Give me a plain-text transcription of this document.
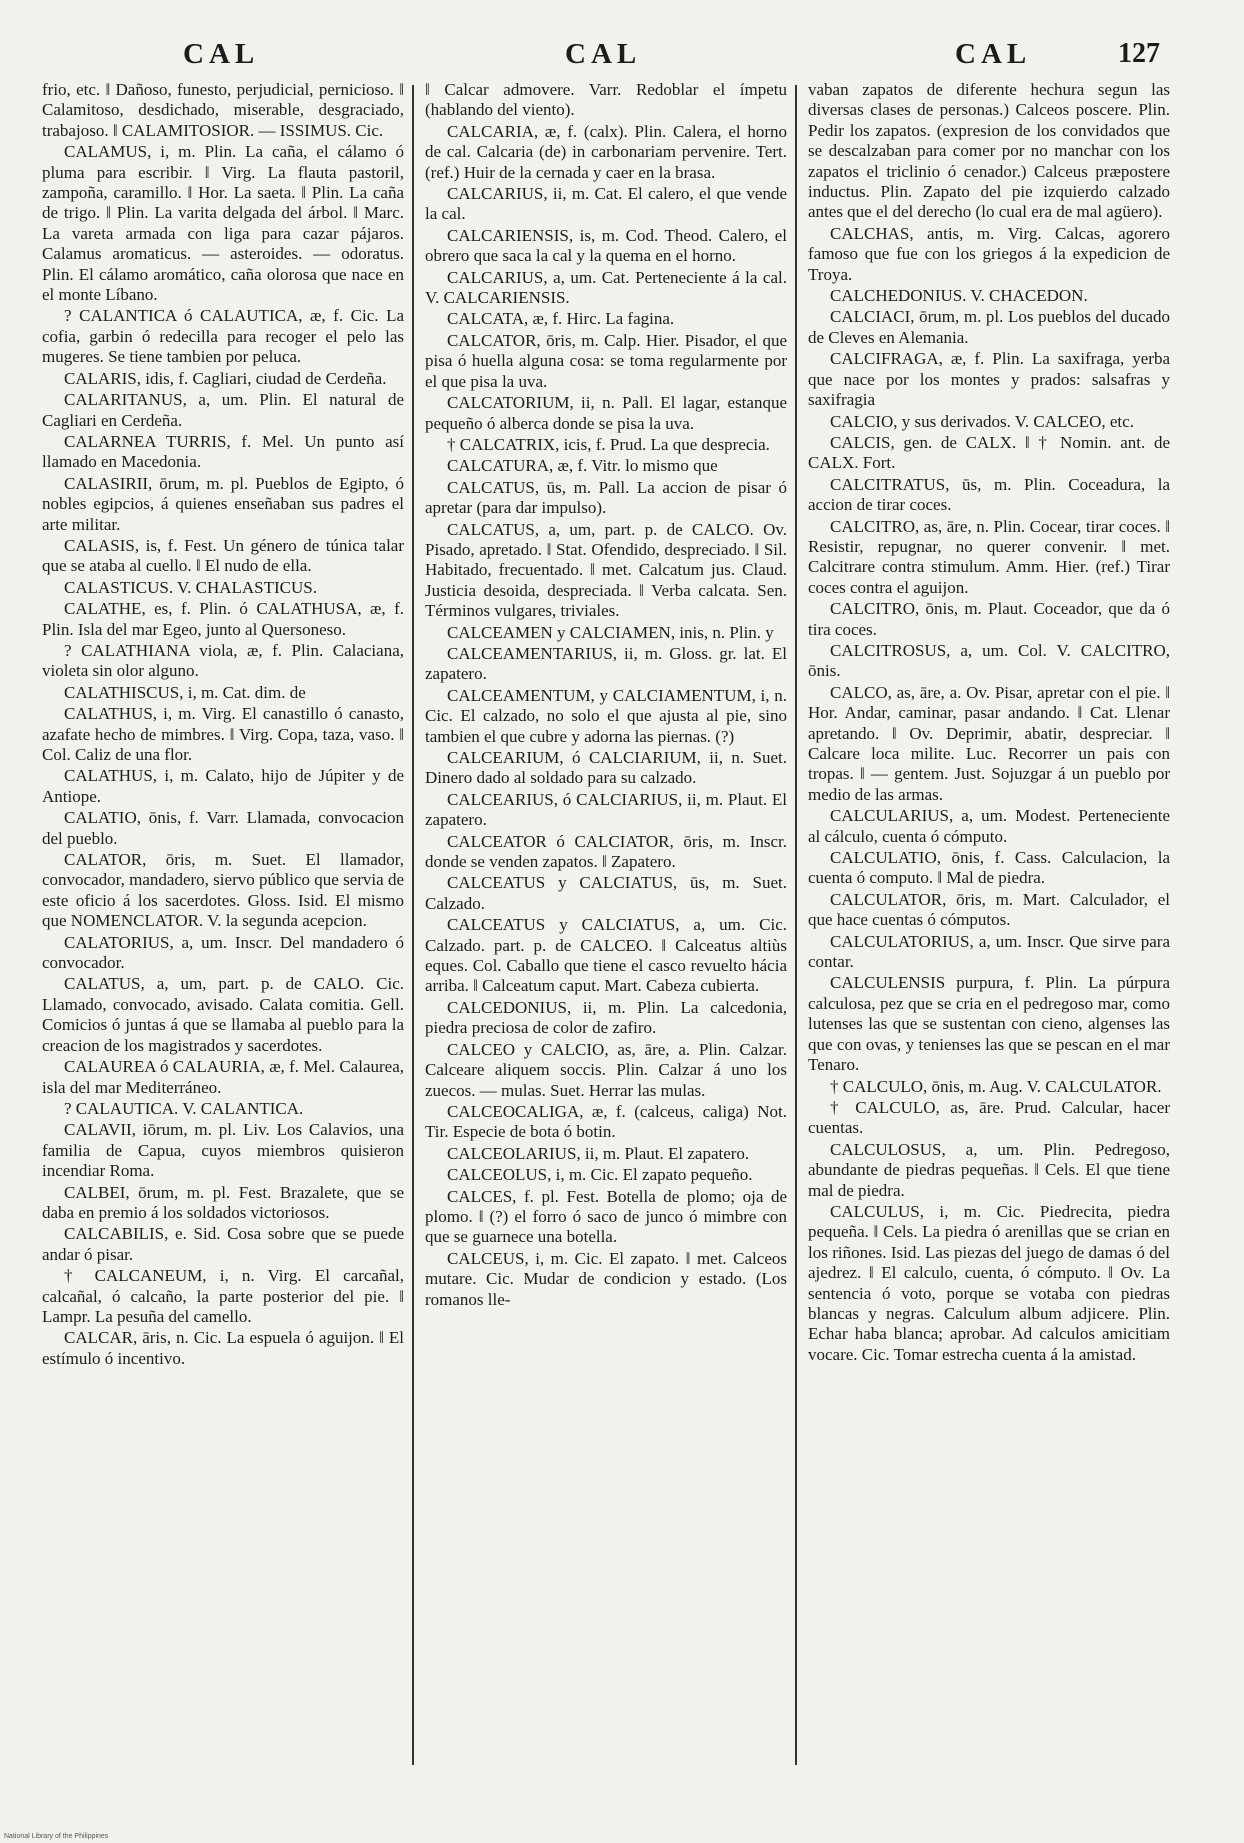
CAL	CAL	CAL	127

frio, etc. ‖ Dañoso, funesto, perjudicial, pernicioso. ‖ Calamitoso, desdichado, miserable, desgraciado, trabajoso. ‖ CALAMITOSIOR. — ISSIMUS. Cic.

CALAMUS, i, m. Plin. La caña, el cálamo ó pluma para escribir. ‖ Virg. La flauta pastoril, zampoña, caramillo. ‖ Hor. La saeta. ‖ Plin. La caña de trigo. ‖ Plin. La varita delgada del árbol. ‖ Marc. La vareta armada con liga para cazar pájaros. Calamus aromaticus. — asteroides. — odoratus. Plin. El cálamo aromático, caña olorosa que nace en el monte Líbano.

? CALANTICA ó CALAUTICA, æ, f. Cic. La cofia, garbin ó redecilla para recoger el pelo las mugeres. Se tiene tambien por peluca.

CALARIS, idis, f. Cagliari, ciudad de Cerdeña.

CALARITANUS, a, um. Plin. El natural de Cagliari en Cerdeña.

CALARNEA TURRIS, f. Mel. Un punto así llamado en Macedonia.

CALASIRII, ōrum, m. pl. Pueblos de Egipto, ó nobles egipcios, á quienes enseñaban sus padres el arte militar.

CALASIS, is, f. Fest. Un género de túnica talar que se ataba al cuello. ‖ El nudo de ella.

CALASTICUS. V. CHALASTICUS.

CALATHE, es, f. Plin. ó CALATHUSA, æ, f. Plin. Isla del mar Egeo, junto al Quersoneso.

? CALATHIANA viola, æ, f. Plin. Calaciana, violeta sin olor alguno.

CALATHISCUS, i, m. Cat. dim. de

CALATHUS, i, m. Virg. El canastillo ó canasto, azafate hecho de mimbres. ‖ Virg. Copa, taza, vaso. ‖ Col. Caliz de una flor.

CALATHUS, i, m. Calato, hijo de Júpiter y de Antiope.

CALATIO, ōnis, f. Varr. Llamada, convocacion del pueblo.

CALATOR, ōris, m. Suet. El llamador, convocador, mandadero, siervo público que servia de este oficio á los sacerdotes. Gloss. Isid. El mismo que NOMENCLATOR. V. la segunda acepcion.

CALATORIUS, a, um. Inscr. Del mandadero ó convocador.

CALATUS, a, um, part. p. de CALO. Cic. Llamado, convocado, avisado. Calata comitia. Gell. Comicios ó juntas á que se llamaba al pueblo para la creacion de los magistrados y sacerdotes.

CALAUREA ó CALAURIA, æ, f. Mel. Calaurea, isla del mar Mediterráneo.

? CALAUTICA. V. CALANTICA.

CALAVII, iōrum, m. pl. Liv. Los Calavios, una familia de Capua, cuyos miembros quisieron incendiar Roma.

CALBEI, ōrum, m. pl. Fest. Brazalete, que se daba en premio á los soldados victoriosos.

CALCABILIS, e. Sid. Cosa sobre que se puede andar ó pisar.

† CALCANEUM, i, n. Virg. El carcañal, calcañal, ó calcaño, la parte posterior del pie. ‖ Lampr. La pesuña del camello.

CALCAR, āris, n. Cic. La espuela ó aguijon. ‖ El estímulo ó incentivo.

‖ Calcar admovere. Varr. Redoblar el ímpetu (hablando del viento).

CALCARIA, æ, f. (calx). Plin. Calera, el horno de cal. Calcaria (de) in carbonariam pervenire. Tert. (ref.) Huir de la cernada y caer en la brasa.

CALCARIUS, ii, m. Cat. El calero, el que vende la cal.

CALCARIENSIS, is, m. Cod. Theod. Calero, el obrero que saca la cal y la quema en el horno.

CALCARIUS, a, um. Cat. Perteneciente á la cal. V. CALCARIENSIS.

CALCATA, æ, f. Hirc. La fagina.

CALCATOR, ōris, m. Calp. Hier. Pisador, el que pisa ó huella alguna cosa: se toma regularmente por el que pisa la uva.

CALCATORIUM, ii, n. Pall. El lagar, estanque pequeño ó alberca donde se pisa la uva.

† CALCATRIX, icis, f. Prud. La que desprecia.

CALCATURA, æ, f. Vitr. lo mismo que

CALCATUS, ūs, m. Pall. La accion de pisar ó apretar (para dar impulso).

CALCATUS, a, um, part. p. de CALCO. Ov. Pisado, apretado. ‖ Stat. Ofendido, despreciado. ‖ Sil. Habitado, frecuentado. ‖ met. Calcatum jus. Claud. Justicia desoida, despreciada. ‖ Verba calcata. Sen. Términos vulgares, triviales.

CALCEAMEN y CALCIAMEN, inis, n. Plin. y

CALCEAMENTARIUS, ii, m. Gloss. gr. lat. El zapatero.

CALCEAMENTUM, y CALCIAMENTUM, i, n. Cic. El calzado, no solo el que ajusta al pie, sino tambien el que cubre y adorna las piernas. (?)

CALCEARIUM, ó CALCIARIUM, ii, n. Suet. Dinero dado al soldado para su calzado.

CALCEARIUS, ó CALCIARIUS, ii, m. Plaut. El zapatero.

CALCEATOR ó CALCIATOR, ōris, m. Inscr. donde se venden zapatos. ‖ Zapatero.

CALCEATUS y CALCIATUS, ūs, m. Suet. Calzado.

CALCEATUS y CALCIATUS, a, um. Cic. Calzado. part. p. de CALCEO. ‖ Calceatus altiùs eques. Col. Caballo que tiene el casco revuelto hácia arriba. ‖ Calceatum caput. Mart. Cabeza cubierta.

CALCEDONIUS, ii, m. Plin. La calcedonia, piedra preciosa de color de zafiro.

CALCEO y CALCIO, as, āre, a. Plin. Calzar. Calceare aliquem soccis. Plin. Calzar á uno los zuecos. — mulas. Suet. Herrar las mulas.

CALCEOCALIGA, æ, f. (calceus, caliga) Not. Tir. Especie de bota ó botin.

CALCEOLARIUS, ii, m. Plaut. El zapatero.

CALCEOLUS, i, m. Cic. El zapato pequeño.

CALCES, f. pl. Fest. Botella de plomo; oja de plomo. ‖ (?) el forro ó saco de junco ó mimbre con que se guarnece una botella.

CALCEUS, i, m. Cic. El zapato. ‖ met. Calceos mutare. Cic. Mudar de condicion y estado. (Los romanos lle-

vaban zapatos de diferente hechura segun las diversas clases de personas.) Calceos poscere. Plin. Pedir los zapatos. (expresion de los convidados que se descalzaban para comer por no manchar con los zapatos el triclinio ó cenador.) Calceus præpostere inductus. Plin. Zapato del pie izquierdo calzado antes que el del derecho (lo cual era de mal agüero).

CALCHAS, antis, m. Virg. Calcas, agorero famoso que fue con los griegos á la expedicion de Troya.

CALCHEDONIUS. V. CHACEDON.

CALCIACI, ōrum, m. pl. Los pueblos del ducado de Cleves en Alemania.

CALCIFRAGA, æ, f. Plin. La saxifraga, yerba que nace por los montes y prados: salsafras y saxifragia

CALCIO, y sus derivados. V. CALCEO, etc.

CALCIS, gen. de CALX. ‖ † Nomin. ant. de CALX. Fort.

CALCITRATUS, ūs, m. Plin. Coceadura, la accion de tirar coces.

CALCITRO, as, āre, n. Plin. Cocear, tirar coces. ‖ Resistir, repugnar, no querer convenir. ‖ met. Calcitrare contra stimulum. Amm. Hier. (ref.) Tirar coces contra el aguijon.

CALCITRO, ōnis, m. Plaut. Coceador, que da ó tira coces.

CALCITROSUS, a, um. Col. V. CALCITRO, ōnis.

CALCO, as, āre, a. Ov. Pisar, apretar con el pie. ‖ Hor. Andar, caminar, pasar andando. ‖ Cat. Llenar apretando. ‖ Ov. Deprimir, abatir, despreciar. ‖ Calcare loca milite. Luc. Recorrer un pais con tropas. ‖ — gentem. Just. Sojuzgar á un pueblo por medio de las armas.

CALCULARIUS, a, um. Modest. Perteneciente al cálculo, cuenta ó cómputo.

CALCULATIO, ōnis, f. Cass. Calculacion, la cuenta ó computo. ‖ Mal de piedra.

CALCULATOR, ōris, m. Mart. Calculador, el que hace cuentas ó cómputos.

CALCULATORIUS, a, um. Inscr. Que sirve para contar.

CALCULENSIS purpura, f. Plin. La púrpura calculosa, pez que se cria en el pedregoso mar, como lutenses las que se sustentan con cieno, algenses las que con ovas, y tenienses las que se pescan en el mar Tenaro.

† CALCULO, ōnis, m. Aug. V. CALCULATOR.

† CALCULO, as, āre. Prud. Calcular, hacer cuentas.

CALCULOSUS, a, um. Plin. Pedregoso, abundante de piedras pequeñas. ‖ Cels. El que tiene mal de piedra.

CALCULUS, i, m. Cic. Piedrecita, piedra pequeña. ‖ Cels. La piedra ó arenillas que se crian en los riñones. Isid. Las piezas del juego de damas ó del ajedrez. ‖ El calculo, cuenta, ó cómputo. ‖ Ov. La sentencia ó voto, porque se votaba con piedras blancas y negras. Calculum album adjicere. Plin. Echar haba blanca; aprobar. Ad calculos amicitiam vocare. Cic. Tomar estrecha cuenta á la amistad.

National Library of the Philippines
